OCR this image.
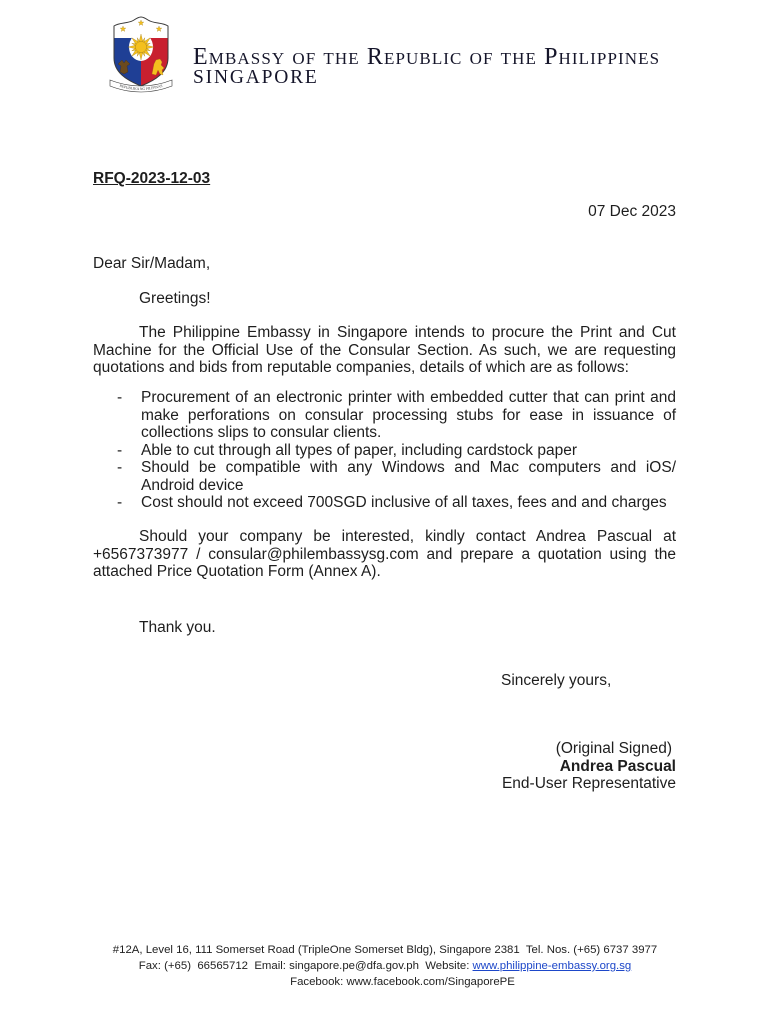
REPUBLIKA NG PILIPINAS
Embassy of the Republic of the Philippines
SINGAPORE
RFQ-2023-12-03
07 Dec 2023
Dear Sir/Madam,
Greetings!
The Philippine Embassy in Singapore intends to procure the Print and Cut
Machine for the Official Use of the Consular Section. As such, we are requesting
quotations and bids from reputable companies, details of which are as follows:
- Procurement of an electronic printer with embedded cutter that can print and
make perforations on consular processing stubs for ease in issuance of
collections slips to consular clients.
- Able to cut through all types of paper, including cardstock paper
- Should be compatible with any Windows and Mac computers and iOS/
Android device
- Cost should not exceed 700SGD inclusive of all taxes, fees and and charges
Should your company be interested, kindly contact Andrea Pascual at
+6567373977 / consular@philembassysg.com and prepare a quotation using the
attached Price Quotation Form (Annex A).
Thank you.
Sincerely yours,
(Original Signed)
Andrea Pascual
End-User Representative
#12A, Level 16, 111 Somerset Road (TripleOne Somerset Bldg), Singapore 2381  Tel. Nos. (+65) 6737 3977
Fax: (+65)  66565712  Email: singapore.pe@dfa.gov.ph  Website: www.philippine-embassy.org.sg
Facebook: www.facebook.com/SingaporePE
